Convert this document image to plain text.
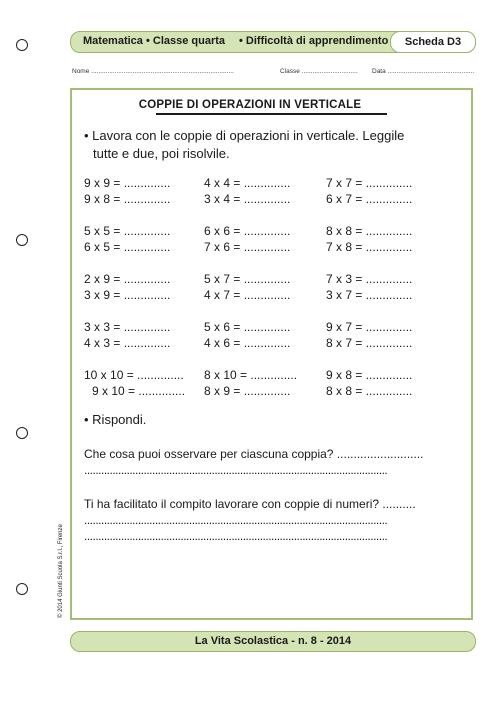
Matematica • Classe quarta • Difficoltà di apprendimento	Scheda D3
Nome ...............................................................................	Classe ............................... Data ................................................
COPPIE DI OPERAZIONI IN VERTICALE
• Lavora con le coppie di operazioni in verticale. Leggile
tutte e due, poi risolvile.
9 x 9 = ..............
9 x 8 = ..............
5 x 5 = ..............
6 x 5 = ..............
2 x 9 = ..............
3 x 9 = ..............
3 x 3 = ..............
4 x 3 = ..............
10 x 10 = ..............
9 x 10 = ..............
4 x 4 = ..............
3 x 4 = ..............
6 x 6 = ..............
7 x 6 = ..............
5 x 7 = ..............
4 x 7 = ..............
5 x 6 = ..............
4 x 6 = ..............
8 x 10 = ..............
8 x 9 = ..............
7 x 7 = ..............
6 x 7 = ..............
8 x 8 = ..............
7 x 8 = ..............
7 x 3 = ..............
3 x 7 = ..............
9 x 7 = ..............
8 x 7 = ..............
9 x 8 = ..............
8 x 8 = ..............
• Rispondi.
Che cosa puoi osservare per ciascuna coppia? ..........................
...........................................................................................................
Ti ha facilitato il compito lavorare con coppie di numeri? ..........
...........................................................................................................
...........................................................................................................
© 2014 Giunti Scuola S.r.l., Firenze
La Vita Scolastica - n. 8 - 2014
